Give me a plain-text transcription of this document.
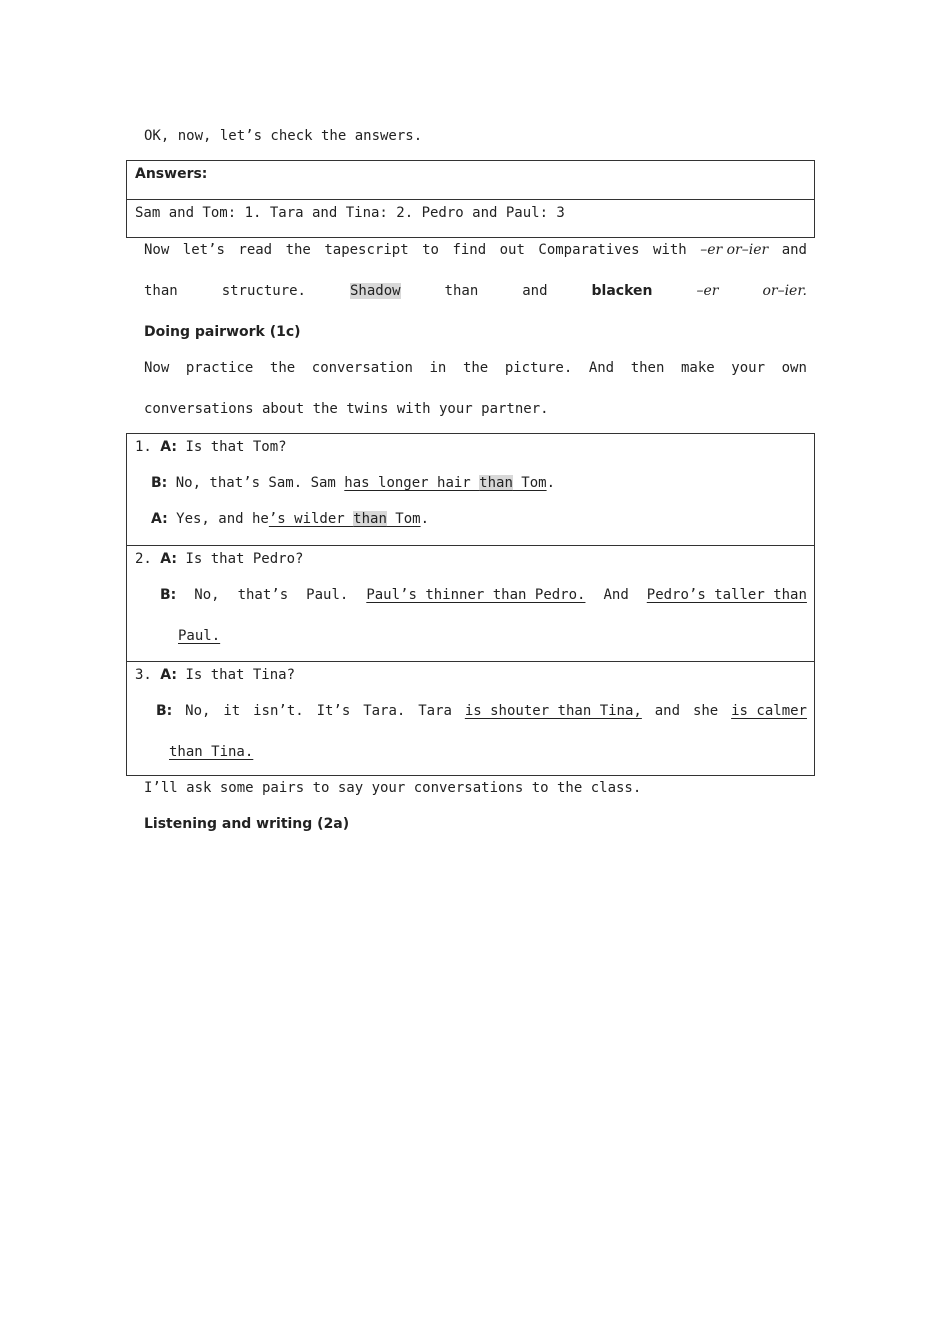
OK, now, let’s check the answers.
Answers:
Sam and Tom: 1. Tara and Tina: 2. Pedro and Paul: 3
Now let’s read the tapescript to find out Comparatives with –er or–ier and
than	structure.	Shadow	than	and	blacken	–er	or–ier.
Doing pairwork (1c)
Now practice the conversation in the picture. And then make your own
conversations about the twins with your partner.
1. A: Is that Tom?
B: No, that’s Sam. Sam has longer hair than Tom.
A: Yes, and he’s wilder than Tom.
2. A: Is that Pedro?
B: No, that’s Paul. Paul’s thinner than Pedro. And Pedro’s taller than
Paul.
3. A: Is that Tina?
B: No, it isn’t. It’s Tara. Tara is shouter than Tina, and she is calmer
than Tina.
I’ll ask some pairs to say your conversations to the class.
Listening and writing (2a)
